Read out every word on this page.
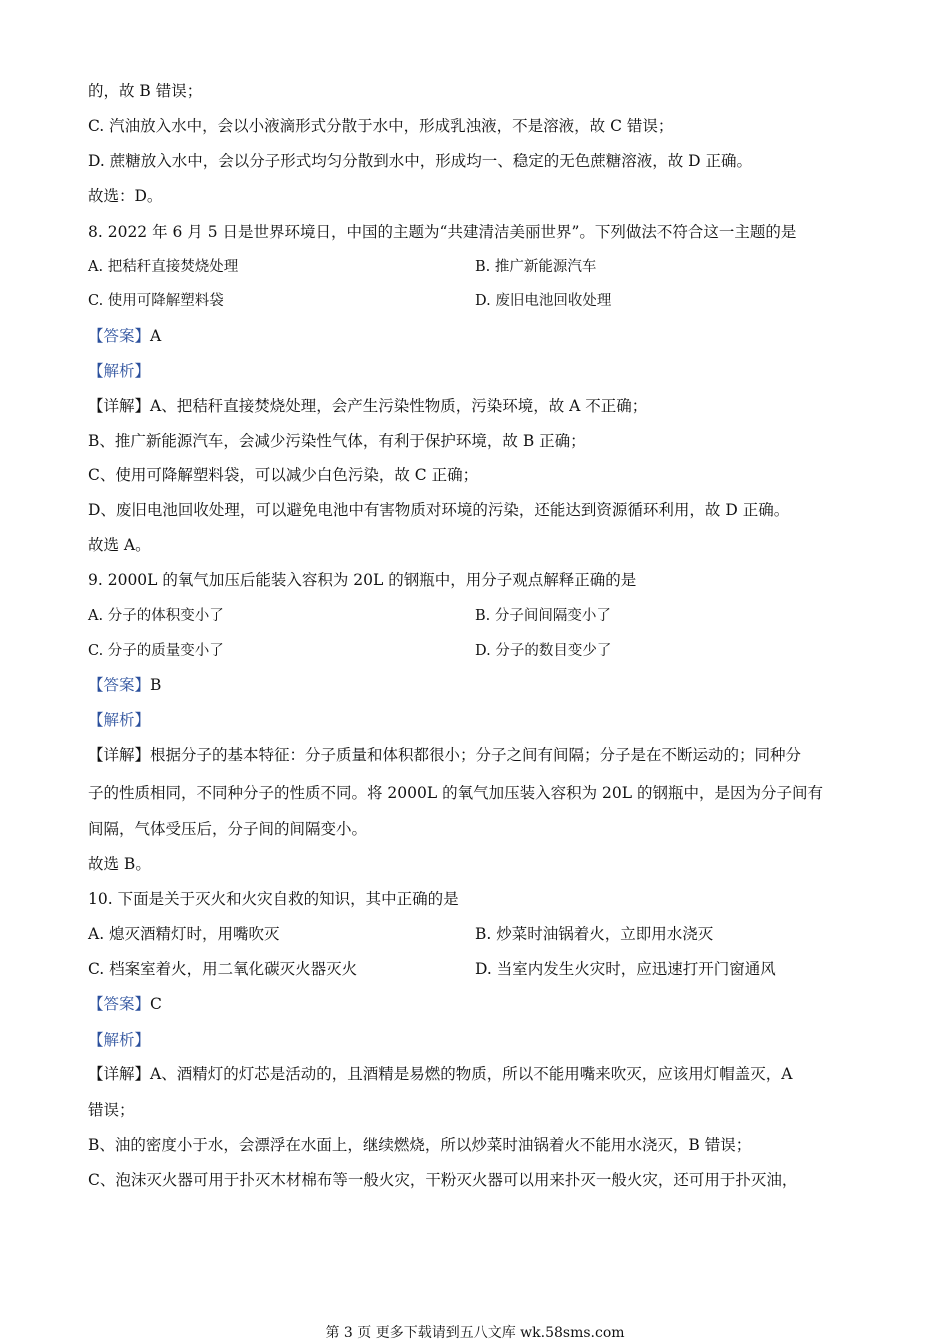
的，故 B 错误；
C. 汽油放入水中，会以小液滴形式分散于水中，形成乳浊液，不是溶液，故 C 错误；
D. 蔗糖放入水中，会以分子形式均匀分散到水中，形成均一、稳定的无色蔗糖溶液，故 D 正确。
故选：D。
8. 2022 年 6 月 5 日是世界环境日，中国的主题为“共建清洁美丽世界”。下列做法不符合这一主题的是
A. 把秸秆直接焚烧处理	B. 推广新能源汽车
C. 使用可降解塑料袋	D. 废旧电池回收处理
【答案】A
【解析】
【详解】A、把秸秆直接焚烧处理，会产生污染性物质，污染环境，故 A 不正确；
B、推广新能源汽车，会减少污染性气体，有利于保护环境，故 B 正确；
C、使用可降解塑料袋，可以减少白色污染，故 C 正确；
D、废旧电池回收处理，可以避免电池中有害物质对环境的污染，还能达到资源循环利用，故 D 正确。
故选 A。
9. 2000L 的氧气加压后能装入容积为 20L 的钢瓶中，用分子观点解释正确的是
A. 分子的体积变小了	B. 分子间间隔变小了
C. 分子的质量变小了	D. 分子的数目变少了
【答案】B
【解析】
【详解】根据分子的基本特征：分子质量和体积都很小；分子之间有间隔；分子是在不断运动的；同种分
子的性质相同，不同种分子的性质不同。将 2000L 的氧气加压装入容积为 20L 的钢瓶中，是因为分子间有
间隔，气体受压后，分子间的间隔变小。
故选 B。
10. 下面是关于灭火和火灾自救的知识，其中正确的是
A. 熄灭酒精灯时，用嘴吹灭	B. 炒菜时油锅着火，立即用水浇灭
C. 档案室着火，用二氧化碳灭火器灭火	D. 当室内发生火灾时，应迅速打开门窗通风
【答案】C
【解析】
【详解】A、酒精灯的灯芯是活动的，且酒精是易燃的物质，所以不能用嘴来吹灭，应该用灯帽盖灭，A
错误；
B、油的密度小于水，会漂浮在水面上，继续燃烧，所以炒菜时油锅着火不能用水浇灭，B 错误；
C、泡沫灭火器可用于扑灭木材棉布等一般火灾，干粉灭火器可以用来扑灭一般火灾，还可用于扑灭油，
第 3 页 更多下载请到五八文库 wk.58sms.com
